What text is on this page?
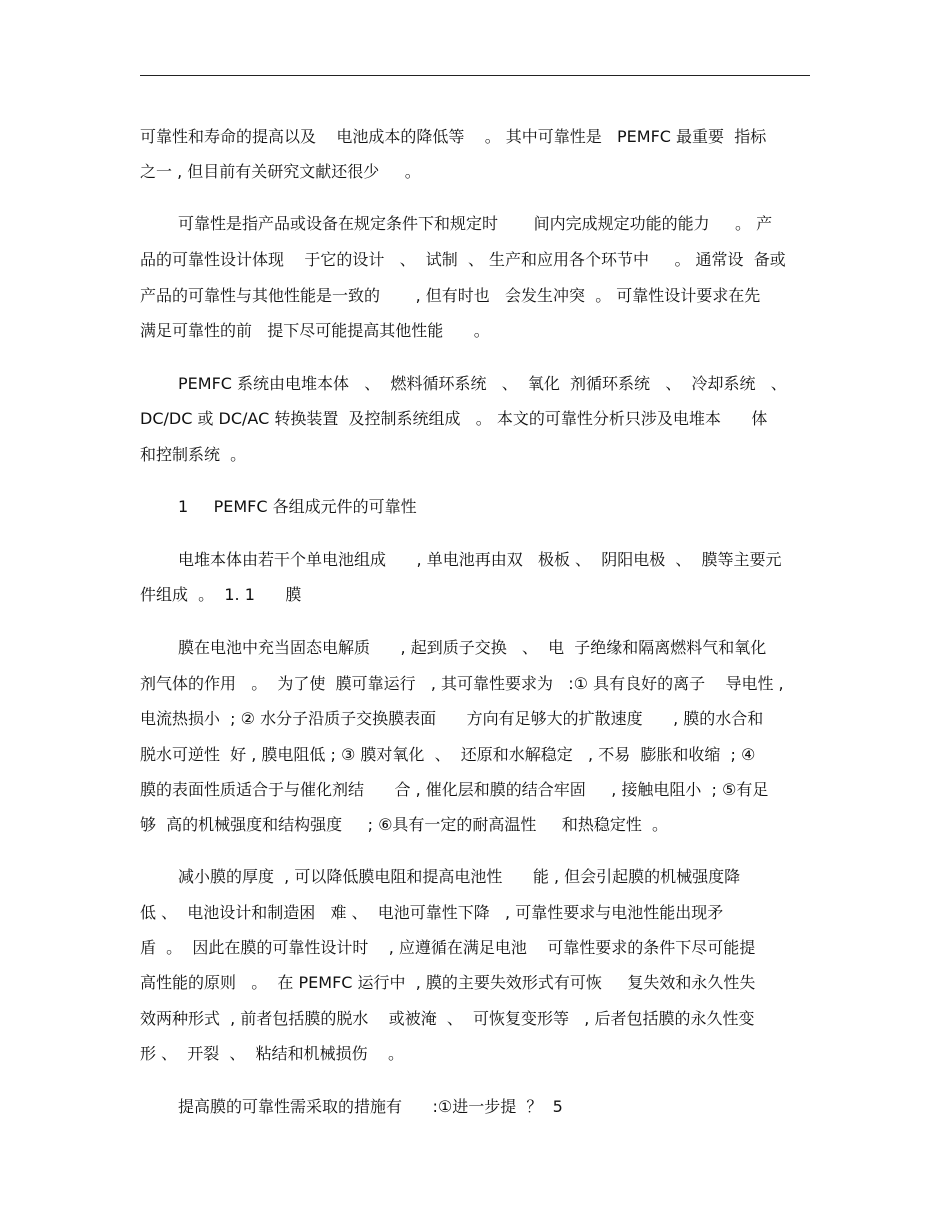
可靠性和寿命的提高以及    电池成本的降低等    。 其中可靠性是   PEMFC 最重要  指标
之一 , 但目前有关研究文献还很少     。
可靠性是指产品或设备在规定条件下和规定时       间内完成规定功能的能力     。 产
品的可靠性设计体现    于它的设计   、  试制  、 生产和应用各个环节中     。 通常设  备或
产品的可靠性与其他性能是一致的       , 但有时也   会发生冲突  。 可靠性设计要求在先
满足可靠性的前   提下尽可能提高其他性能      。
PEMFC 系统由电堆本体   、  燃料循环系统   、  氧化  剂循环系统   、  冷却系统   、
DC/DC 或 DC/AC 转换装置  及控制系统组成   。 本文的可靠性分析只涉及电堆本      体
和控制系统  。
1     PEMFC 各组成元件的可靠性
电堆本体由若干个单电池组成      , 单电池再由双   极板 、  阴阳电极  、  膜等主要元
件组成  。  1. 1      膜
膜在电池中充当固态电解质      , 起到质子交换   、  电  子绝缘和隔离燃料气和氧化
剂气体的作用   。  为了使  膜可靠运行   , 其可靠性要求为   :① 具有良好的离子    导电性 ,
电流热损小  ; ② 水分子沿质子交换膜表面      方向有足够大的扩散速度      , 膜的水合和
脱水可逆性  好 , 膜电阻低 ; ③ 膜对氧化  、  还原和水解稳定   , 不易  膨胀和收缩  ; ④
膜的表面性质适合于与催化剂结      合 , 催化层和膜的结合牢固     , 接触电阻小  ; ⑤有足
够  高的机械强度和结构强度     ; ⑥具有一定的耐高温性     和热稳定性  。
减小膜的厚度  , 可以降低膜电阻和提高电池性      能 , 但会引起膜的机械强度降
低 、  电池设计和制造困   难 、  电池可靠性下降   , 可靠性要求与电池性能出现矛
盾  。  因此在膜的可靠性设计时    , 应遵循在满足电池    可靠性要求的条件下尽可能提
高性能的原则   。  在 PEMFC 运行中  , 膜的主要失效形式有可恢     复失效和永久性失
效两种形式  , 前者包括膜的脱水    或被淹  、  可恢复变形等   , 后者包括膜的永久性变
形 、  开裂  、  粘结和机械损伤    。
提高膜的可靠性需采取的措施有      :①进一步提  ？  5
